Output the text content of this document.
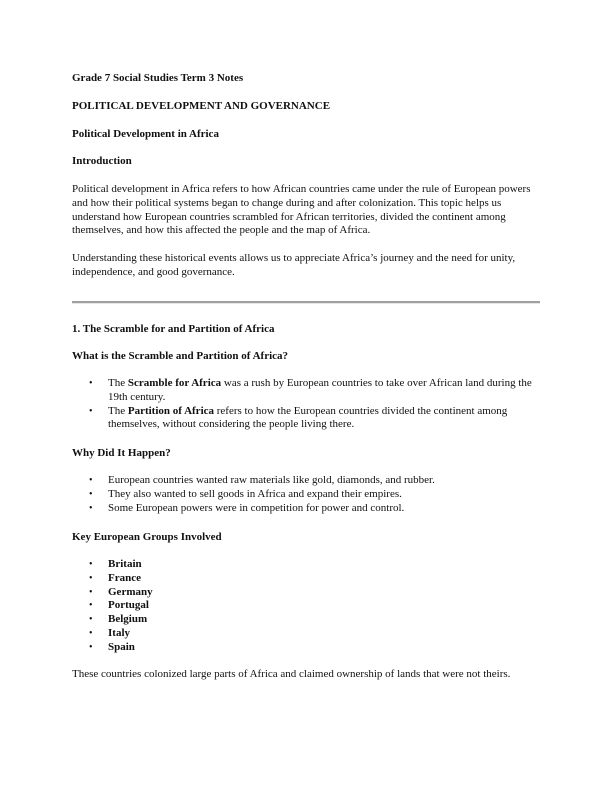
Grade 7 Social Studies Term 3 Notes
POLITICAL DEVELOPMENT AND GOVERNANCE
Political Development in Africa
Introduction

Political development in Africa refers to how African countries came under the rule of European powers and how their political systems began to change during and after colonization. This topic helps us understand how European countries scrambled for African territories, divided the continent among themselves, and how this affected the people and the map of Africa.

Understanding these historical events allows us to appreciate Africa’s journey and the need for unity, independence, and good governance.

1. The Scramble for and Partition of Africa
What is the Scramble and Partition of Africa?
• The Scramble for Africa was a rush by European countries to take over African land during the 19th century.
• The Partition of Africa refers to how the European countries divided the continent among themselves, without considering the people living there.
Why Did It Happen?
• European countries wanted raw materials like gold, diamonds, and rubber.
• They also wanted to sell goods in Africa and expand their empires.
• Some European powers were in competition for power and control.
Key European Groups Involved
• Britain
• France
• Germany
• Portugal
• Belgium
• Italy
• Spain

These countries colonized large parts of Africa and claimed ownership of lands that were not theirs.
